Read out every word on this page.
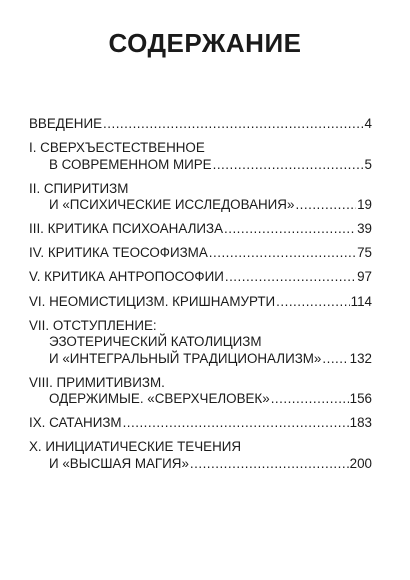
СОДЕРЖАНИЕ
ВВЕДЕНИЕ .....	4
I. СВЕРХЪЕСТЕСТВЕННОЕ
В СОВРЕМЕННОМ МИРЕ .....	5
II. СПИРИТИЗМ
И «ПСИХИЧЕСКИЕ ИССЛЕДОВАНИЯ» .....	19
III. КРИТИКА ПСИХОАНАЛИЗА .....	39
IV. КРИТИКА ТЕОСОФИЗМА .....	75
V. КРИТИКА АНТРОПОСОФИИ .....	97
VI. НЕОМИСТИЦИЗМ. КРИШНАМУРТИ .....	114
VII. ОТСТУПЛЕНИЕ:
ЭЗОТЕРИЧЕСКИЙ КАТОЛИЦИЗМ
И «ИНТЕГРАЛЬНЫЙ ТРАДИЦИОНАЛИЗМ» ..... 132
VIII. ПРИМИТИВИЗМ.
ОДЕРЖИМЫЕ. «СВЕРХЧЕЛОВЕК» .....	156
IX. САТАНИЗМ .....	183
X. ИНИЦИАТИЧЕСКИЕ ТЕЧЕНИЯ
И «ВЫСШАЯ МАГИЯ» .....	200
